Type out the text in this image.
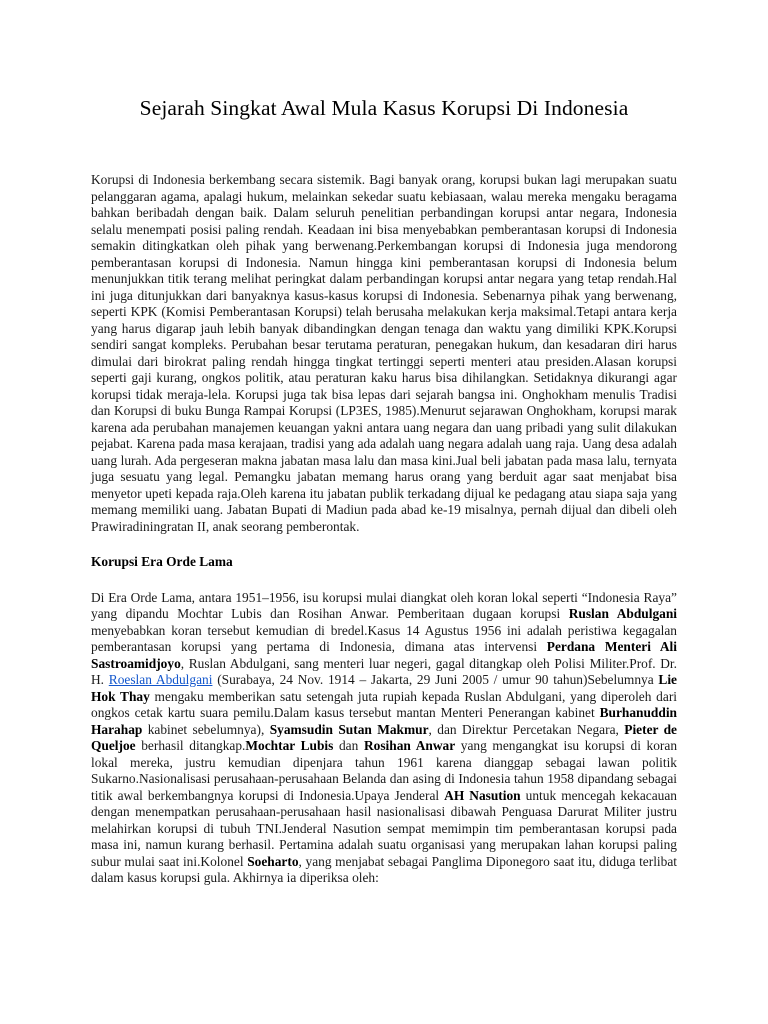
Sejarah Singkat Awal Mula Kasus Korupsi Di Indonesia

Korupsi di Indonesia berkembang secara sistemik. Bagi banyak orang, korupsi bukan lagi merupakan suatu pelanggaran agama, apalagi hukum, melainkan sekedar suatu kebiasaan, walau mereka mengaku beragama bahkan beribadah dengan baik. Dalam seluruh penelitian perbandingan korupsi antar negara, Indonesia selalu menempati posisi paling rendah. Keadaan ini bisa menyebabkan pemberantasan korupsi di Indonesia semakin ditingkatkan oleh pihak yang berwenang.Perkembangan korupsi di Indonesia juga mendorong pemberantasan korupsi di Indonesia. Namun hingga kini pemberantasan korupsi di Indonesia belum menunjukkan titik terang melihat peringkat dalam perbandingan korupsi antar negara yang tetap rendah.Hal ini juga ditunjukkan dari banyaknya kasus-kasus korupsi di Indonesia. Sebenarnya pihak yang berwenang, seperti KPK (Komisi Pemberantasan Korupsi) telah berusaha melakukan kerja maksimal.Tetapi antara kerja yang harus digarap jauh lebih banyak dibandingkan dengan tenaga dan waktu yang dimiliki KPK.Korupsi sendiri sangat kompleks. Perubahan besar terutama peraturan, penegakan hukum, dan kesadaran diri harus dimulai dari birokrat paling rendah hingga tingkat tertinggi seperti menteri atau presiden.Alasan korupsi seperti gaji kurang, ongkos politik, atau peraturan kaku harus bisa dihilangkan. Setidaknya dikurangi agar korupsi tidak meraja-lela. Korupsi juga tak bisa lepas dari sejarah bangsa ini. Onghokham menulis Tradisi dan Korupsi di buku Bunga Rampai Korupsi (LP3ES, 1985).Menurut sejarawan Onghokham, korupsi marak karena ada perubahan manajemen keuangan yakni antara uang negara dan uang pribadi yang sulit dilakukan pejabat. Karena pada masa kerajaan, tradisi yang ada adalah uang negara adalah uang raja. Uang desa adalah uang lurah. Ada pergeseran makna jabatan masa lalu dan masa kini.Jual beli jabatan pada masa lalu, ternyata juga sesuatu yang legal. Pemangku jabatan memang harus orang yang berduit agar saat menjabat bisa menyetor upeti kepada raja.Oleh karena itu jabatan publik terkadang dijual ke pedagang atau siapa saja yang memang memiliki uang. Jabatan Bupati di Madiun pada abad ke-19 misalnya, pernah dijual dan dibeli oleh Prawiradiningratan II, anak seorang pemberontak.

Korupsi Era Orde Lama

Di Era Orde Lama, antara 1951–1956, isu korupsi mulai diangkat oleh koran lokal seperti “Indonesia Raya” yang dipandu Mochtar Lubis dan Rosihan Anwar. Pemberitaan dugaan korupsi Ruslan Abdulgani menyebabkan koran tersebut kemudian di bredel.Kasus 14 Agustus 1956 ini adalah peristiwa kegagalan pemberantasan korupsi yang pertama di Indonesia, dimana atas intervensi Perdana Menteri Ali Sastroamidjoyo, Ruslan Abdulgani, sang menteri luar negeri, gagal ditangkap oleh Polisi Militer.Prof. Dr. H. Roeslan Abdulgani (Surabaya, 24 Nov. 1914 – Jakarta, 29 Juni 2005 / umur 90 tahun)Sebelumnya Lie Hok Thay mengaku memberikan satu setengah juta rupiah kepada Ruslan Abdulgani, yang diperoleh dari ongkos cetak kartu suara pemilu.Dalam kasus tersebut mantan Menteri Penerangan kabinet Burhanuddin Harahap kabinet sebelumnya), Syamsudin Sutan Makmur, dan Direktur Percetakan Negara, Pieter de Queljoe berhasil ditangkap.Mochtar Lubis dan Rosihan Anwar yang mengangkat isu korupsi di koran lokal mereka, justru kemudian dipenjara tahun 1961 karena dianggap sebagai lawan politik Sukarno.Nasionalisasi perusahaan-perusahaan Belanda dan asing di Indonesia tahun 1958 dipandang sebagai titik awal berkembangnya korupsi di Indonesia.Upaya Jenderal AH Nasution untuk mencegah kekacauan dengan menempatkan perusahaan-perusahaan hasil nasionalisasi dibawah Penguasa Darurat Militer justru melahirkan korupsi di tubuh TNI.Jenderal Nasution sempat memimpin tim pemberantasan korupsi pada masa ini, namun kurang berhasil. Pertamina adalah suatu organisasi yang merupakan lahan korupsi paling subur mulai saat ini.Kolonel Soeharto, yang menjabat sebagai Panglima Diponegoro saat itu, diduga terlibat dalam kasus korupsi gula. Akhirnya ia diperiksa oleh:
